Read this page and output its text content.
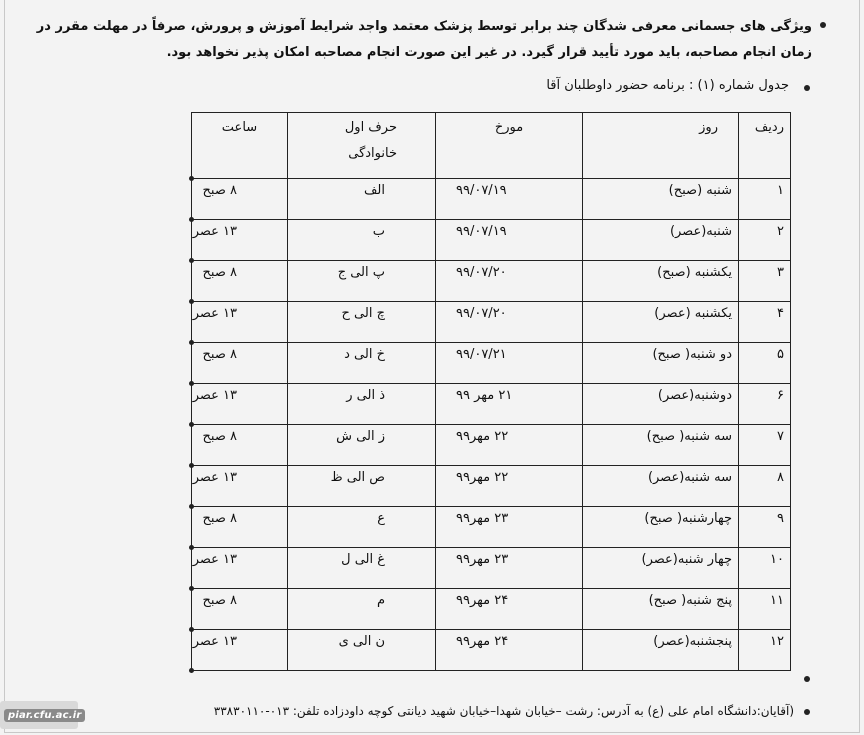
ویژگی های جسمانی معرفی شدگان چند برابر توسط پزشک معتمد واجد شرایط آموزش و پرورش، صرفاً در مهلت مقرر در زمان انجام مصاحبه، باید مورد تأیید قرار گیرد. در غیر این صورت انجام مصاحبه امکان پذیر نخواهد بود.
جدول شماره (١) : برنامه حضور داوطلبان آقا
ردیف	روز	مورخ	حرف اول خانوادگی	ساعت

١	شنبه (صبح)	٩٩/٠٧/١٩	الف	٨ صبح

٢	شنبه(عصر)	٩٩/٠٧/١٩	ب	١٣ عصر

٣	یکشنبه (صبح)	٩٩/٠٧/٢٠	پ الی ج	٨ صبح

۴	یکشنبه (عصر)	٩٩/٠٧/٢٠	چ الی ح	١٣ عصر

۵	دو شنبه( صبح)	٩٩/٠٧/٢١	خ الی د	٨ صبح

۶	دوشنبه(عصر)	٢١ مهر ٩٩	ذ الی ر	١٣ عصر

٧	سه شنبه( صبح)	٢٢ مهر٩٩	ز الی ش	٨ صبح

٨	سه شنبه(عصر)	٢٢ مهر٩٩	ص الی ظ	١٣ عصر

٩	چهارشنبه( صبح)	٢٣ مهر٩٩	ع	٨ صبح

١٠	چهار شنبه(عصر)	٢٣ مهر٩٩	غ الی ل	١٣ عصر

١١	پنج شنبه( صبح)	٢۴ مهر٩٩	م	٨ صبح

١٢	پنجشنبه(عصر)	٢۴ مهر٩٩	ن الی ی	١٣ عصر
(آقایان:دانشگاه امام علی (ع) به آدرس: رشت –خیابان شهدا–خیابان شهید دیانتی کوچه داودزاده تلفن: ٠١٣-٣٣٨٣٠١١٠
piar.cfu.ac.ir
